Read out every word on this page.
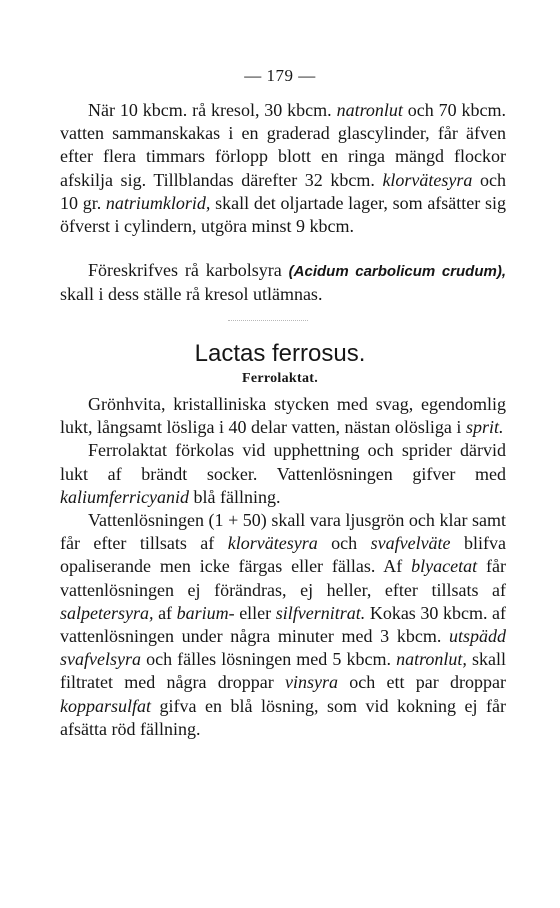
— 179 —

När 10 kbcm. rå kresol, 30 kbcm. natronlut och 70 kbcm. vatten sammanskakas i en graderad glascylinder, får äfven efter flera timmars förlopp blott en ringa mängd flockor afskilja sig. Tillblandas därefter 32 kbcm. klorvätesyra och 10 gr. natriumklorid, skall det oljartade lager, som afsätter sig öfverst i cylindern, utgöra minst 9 kbcm.

Föreskrifves rå karbolsyra (Acidum carbolicum crudum), skall i dess ställe rå kresol utlämnas.

Lactas ferrosus.
Ferrolaktat.

Grönhvita, kristalliniska stycken med svag, egendomlig lukt, långsamt lösliga i 40 delar vatten, nästan olösliga i sprit.

Ferrolaktat förkolas vid upphettning och sprider därvid lukt af brändt socker. Vattenlösningen gifver med kaliumferricyanid blå fällning.

Vattenlösningen (1 + 50) skall vara ljusgrön och klar samt får efter tillsats af klorvätesyra och svafvelväte blifva opaliserande men icke färgas eller fällas. Af blyacetat får vattenlösningen ej förändras, ej heller, efter tillsats af salpetersyra, af barium- eller silfvernitrat. Kokas 30 kbcm. af vattenlösningen under några minuter med 3 kbcm. utspädd svafvelsyra och fälles lösningen med 5 kbcm. natronlut, skall filtratet med några droppar vinsyra och ett par droppar kopparsulfat gifva en blå lösning, som vid kokning ej får afsätta röd fällning.
